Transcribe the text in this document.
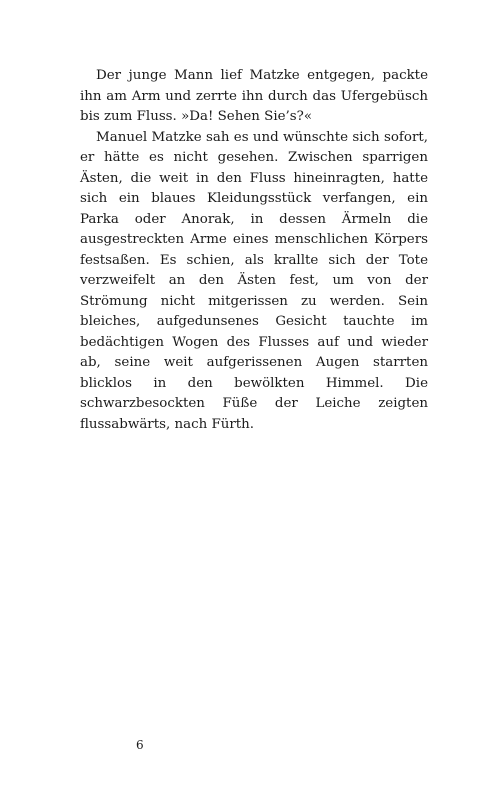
Der junge Mann lief Matzke entgegen, packte ihn am Arm und zerrte ihn durch das Ufergebüsch bis zum Fluss. »Da! Sehen Sie’s?«

Manuel Matzke sah es und wünschte sich sofort, er hätte es nicht gesehen. Zwischen sparrigen Ästen, die weit in den Fluss hineinragten, hatte sich ein blaues Kleidungsstück verfangen, ein Parka oder Anorak, in dessen Ärmeln die ausgestreckten Arme eines menschlichen Körpers festsaßen. Es schien, als krallte sich der Tote verzweifelt an den Ästen fest, um von der Strömung nicht mitgerissen zu werden. Sein bleiches, aufgedunsenes Gesicht tauchte im bedächtigen Wogen des Flusses auf und wieder ab, seine weit aufgerissenen Augen starrten blicklos in den bewölkten Himmel. Die schwarzbesockten Füße der Leiche zeigten flussabwärts, nach Fürth.

6
